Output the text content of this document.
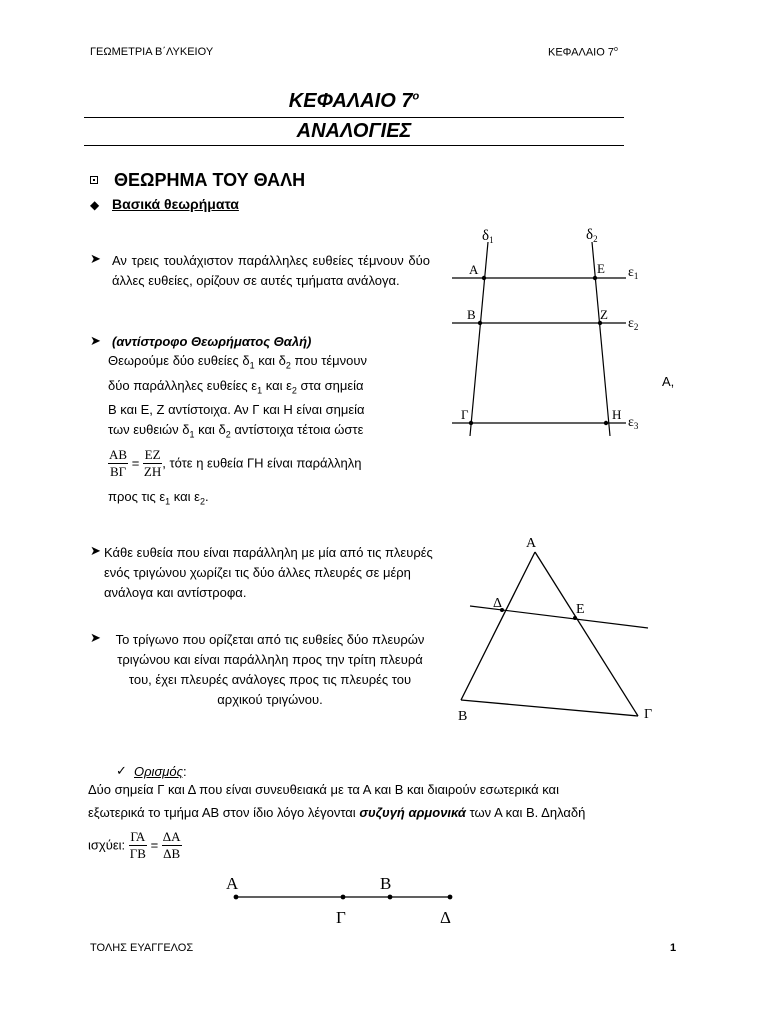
ΓΕΩΜΕΤΡΙΑ Β΄ΛΥΚΕΙΟΥ	ΚΕΦΑΛΑΙΟ $7^o$
ΚΕΦΑΛΑΙΟ $7^o$
ΑΝΑΛΟΓΙΕΣ
ΘΕΩΡΗΜΑ ΤΟΥ ΘΑΛΗ
◆ Βασικά θεωρήματα
➤ Αν τρεις τουλάχιστον παράλληλες ευθείες τέμνουν δύο άλλες ευθείες, ορίζουν σε αυτές τμήματα ανάλογα.
➤ (αντίστροφο Θεωρήματος Θαλή)
Θεωρούμε δύο ευθείες $\delta_1$ και $\delta_2$ που τέμνουν
δύο παράλληλες ευθείες $\varepsilon_1$ και $\varepsilon_2$ στα σημεία
Β και Ε, Ζ αντίστοιχα. Αν Γ και Η είναι σημεία
των ευθειών $\delta_1$ και $\delta_2$ αντίστοιχα τέτοια ώστε
$\frac{AB}{B\Gamma} = \frac{EZ}{ZH}$ , τότε η ευθεία ΓΗ είναι παράλληλη
προς τις $\varepsilon_1$ και $\varepsilon_2$.
Α,
$\delta_1$	$\delta_2$
$\varepsilon_1$
$\varepsilon_2$
$\varepsilon_3$
Α	Ε
Β	Ζ
Γ	Η
➤ Κάθε ευθεία που είναι παράλληλη με μία από τις πλευρές ενός τριγώνου χωρίζει τις δύο άλλες πλευρές σε μέρη ανάλογα και αντίστροφα.
➤ Το τρίγωνο που ορίζεται από τις ευθείες δύο πλευρών τριγώνου και είναι παράλληλη προς την τρίτη πλευρά του, έχει πλευρές ανάλογες προς τις πλευρές του αρχικού τριγώνου.
Α
Δ	Ε
Β	Γ
✓ Ορισμός:
Δύο σημεία Γ και Δ που είναι συνευθειακά με τα Α και Β και διαιρούν εσωτερικά και
εξωτερικά το τμήμα ΑΒ στον ίδιο λόγο λέγονται συζυγή αρμονικά των Α και Β. Δηλαδή
ισχύει: $\frac{\Gamma A}{\Gamma B} = \frac{\Delta A}{\Delta B}$
Α	Β
Γ	Δ
ΤΟΛΗΣ ΕΥΑΓΓΕΛΟΣ	1
